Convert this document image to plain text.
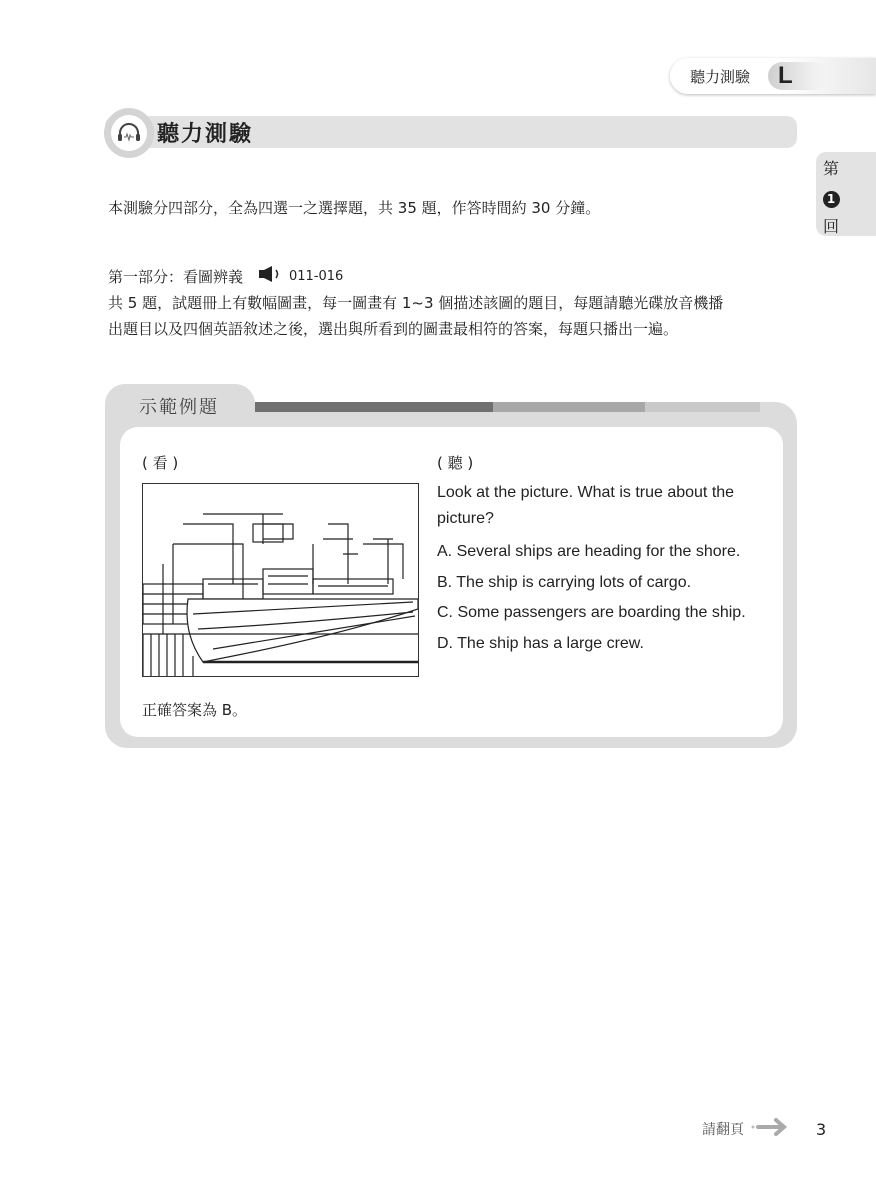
聽力測驗	L
聽力測驗
第
1
回
本測驗分四部分，全為四選一之選擇題，共 35 題，作答時間約 30 分鐘。
第一部分：看圖辨義	011-016
共 5 題，試題冊上有數幅圖畫，每一圖畫有 1~3 個描述該圖的題目，每題請聽光碟放音機播
出題目以及四個英語敘述之後，選出與所看到的圖畫最相符的答案，每題只播出一遍。
示範例題
( 看 )	( 聽 )
Look at the picture. What is true about the
picture?
A. Several ships are heading for the shore.
B. The ship is carrying lots of cargo.
C. Some passengers are boarding the ship.
D. The ship has a large crew.
正確答案為 B。
請翻頁	3
